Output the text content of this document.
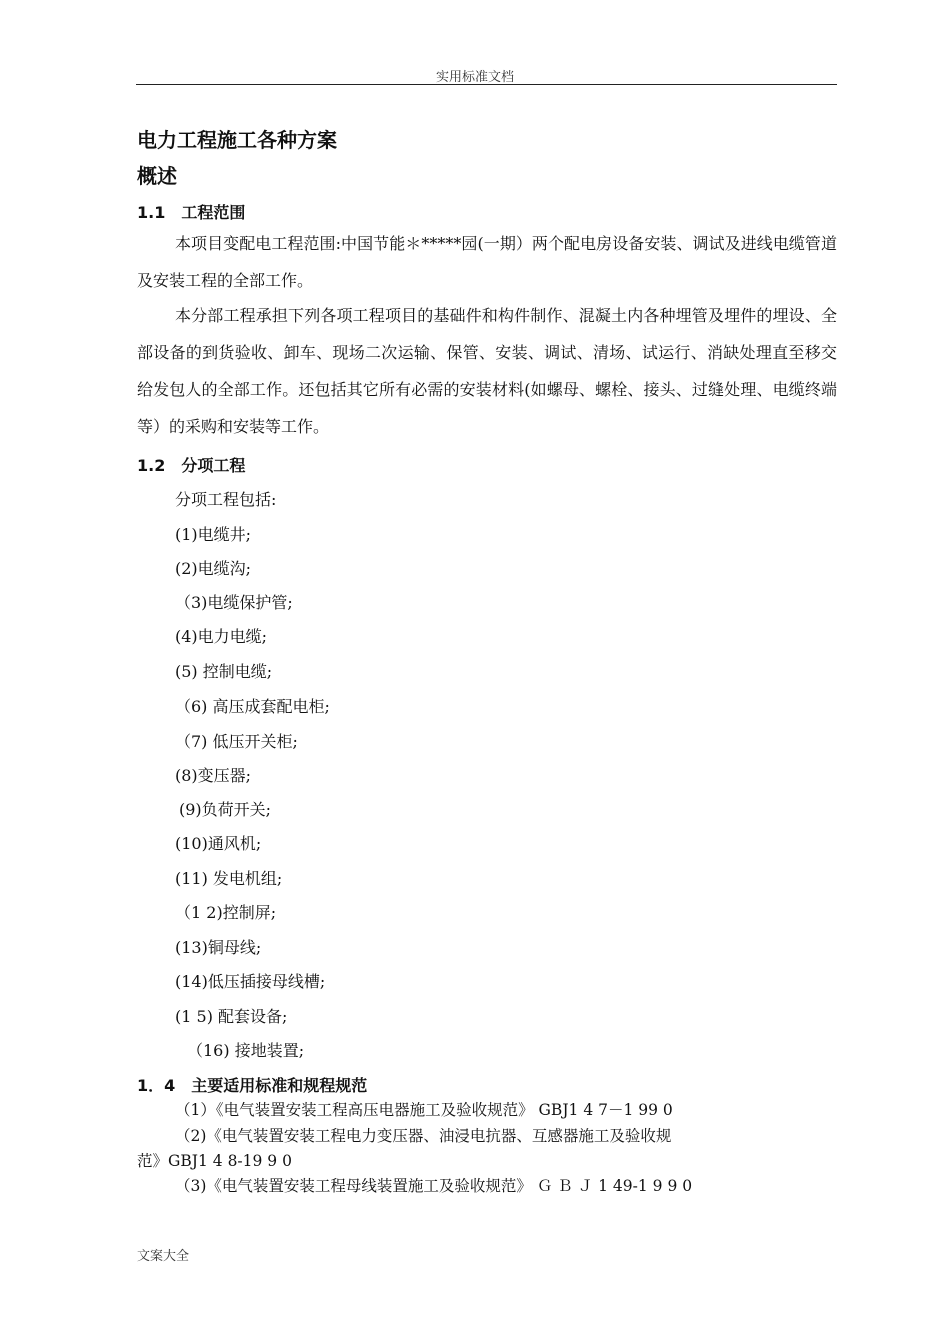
实用标准文档
电力工程施工各种方案
概述
1.1　工程范围

本项目变配电工程范围:中国节能＊*****园(一期）两个配电房设备安装、调试及进线电缆管道及安装工程的全部工作。

本分部工程承担下列各项工程项目的基础件和构件制作、混凝土内各种埋管及埋件的埋设、全部设备的到货验收、卸车、现场二次运输、保管、安装、调试、清场、试运行、消缺处理直至移交给发包人的全部工作。还包括其它所有必需的安装材料(如螺母、螺栓、接头、过缝处理、电缆终端等）的采购和安装等工作。

1.2　分项工程
分项工程包括:
(1)电缆井;
(2)电缆沟;
（3)电缆保护管;
(4)电力电缆;
(5) 控制电缆;
（6) 高压成套配电柜;
（7) 低压开关柜;
(8)变压器;
(9)负荷开关;
(10)通风机;
(11) 发电机组;
（1 2)控制屏;
(13)铜母线;
(14)低压插接母线槽;
(1 5) 配套设备;
（16) 接地装置;
1．4　主要适用标准和规程规范
（1）《电气装置安装工程高压电器施工及验收规范》 GBJ1 4 7－1 99 0
（2)《电气装置安装工程电力变压器、油浸电抗器、互感器施工及验收规
范》GBJ1 4 8-19 9 0
（3)《电气装置安装工程母线装置施工及验收规范》 Ｇ Ｂ Ｊ 1 49-1 9 9 0
文案大全
